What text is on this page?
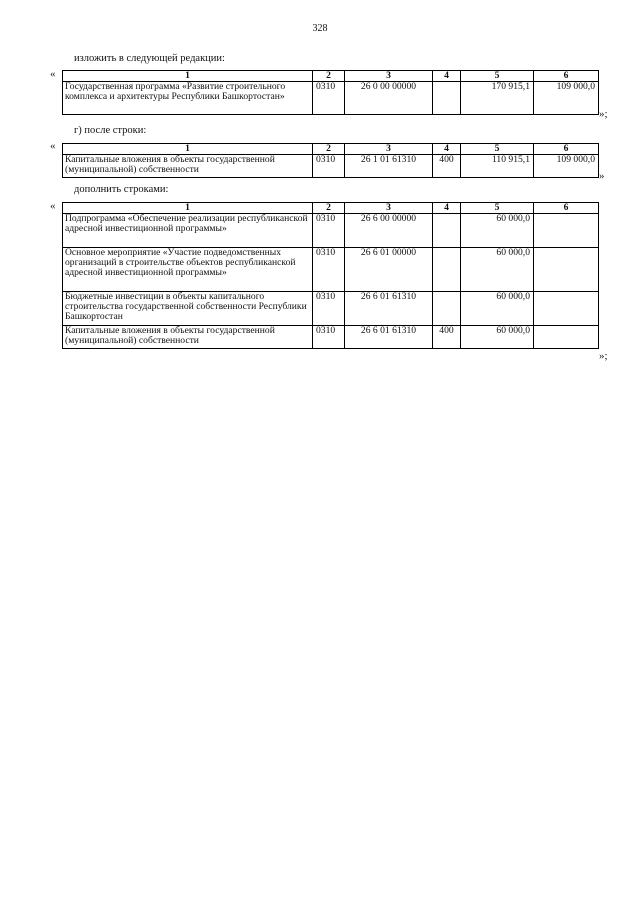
328
изложить в следующей редакции:
«	1	2	3	4	5	6
Государственная программа «Развитие строительного комплекса и архитектуры Республики Башкортостан»	0310	26 0 00 00000		170 915,1	109 000,0
»;
г) после строки:
«	1	2	3	4	5	6
Капитальные вложения в объекты государственной (муниципальной) собственности	0310	26 1 01 61310	400	110 915,1	109 000,0
»
дополнить строками:
«	1	2	3	4	5	6
Подпрограмма «Обеспечение реализации республиканской адресной инвестиционной программы»	0310	26 6 00 00000		60 000,0	
Основное мероприятие «Участие подведомственных организаций в строительстве объектов республиканской адресной инвестиционной программы»	0310	26 6 01 00000		60 000,0	
Бюджетные инвестиции в объекты капитального строительства государственной собственности Республики Башкортостан	0310	26 6 01 61310		60 000,0	
Капитальные вложения в объекты государственной (муниципальной) собственности	0310	26 6 01 61310	400	60 000,0	
»;
